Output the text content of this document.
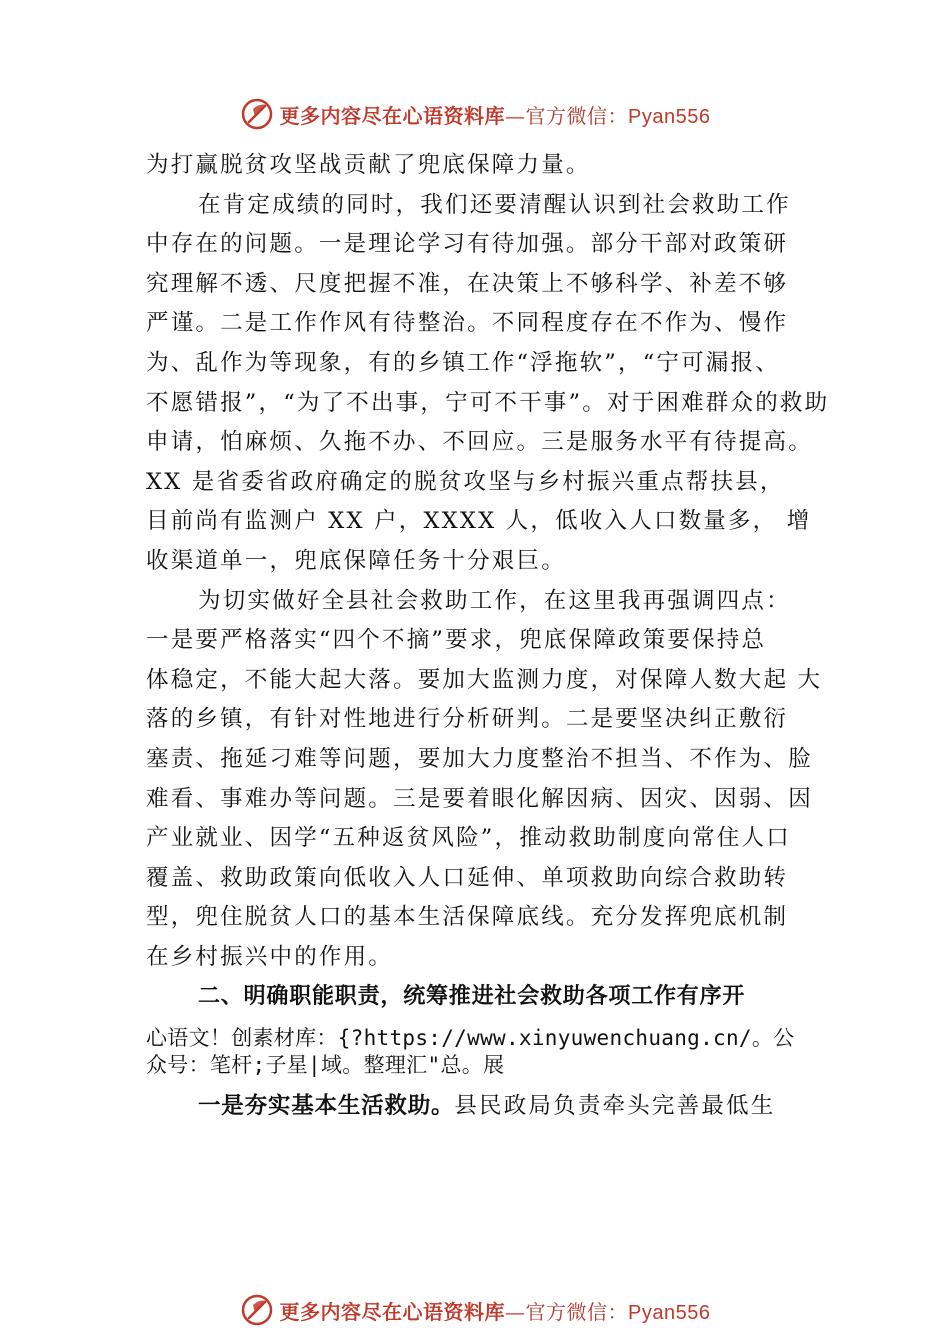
更多内容尽在心语资料库—官方微信：Pyan556
为打赢脱贫攻坚战贡献了兜底保障力量。
在肯定成绩的同时，我们还要清醒认识到社会救助工作
中存在的问题。一是理论学习有待加强。部分干部对政策研
究理解不透、尺度把握不准，在决策上不够科学、补差不够
严谨。二是工作作风有待整治。不同程度存在不作为、慢作
为、乱作为等现象，有的乡镇工作“浮拖软”，“宁可漏报、
不愿错报”，“为了不出事，宁可不干事”。对于困难群众的救助
申请，怕麻烦、久拖不办、不回应。三是服务水平有待提高。
XX 是省委省政府确定的脱贫攻坚与乡村振兴重点帮扶县，
目前尚有监测户 XX 户，XXXX 人，低收入人口数量多， 增
收渠道单一，兜底保障任务十分艰巨。
为切实做好全县社会救助工作，在这里我再强调四点：
一是要严格落实“四个不摘”要求，兜底保障政策要保持总
体稳定，不能大起大落。要加大监测力度，对保障人数大起 大
落的乡镇，有针对性地进行分析研判。二是要坚决纠正敷衍
塞责、拖延刁难等问题，要加大力度整治不担当、不作为、脸
难看、事难办等问题。三是要着眼化解因病、因灾、因弱、因
产业就业、因学“五种返贫风险”，推动救助制度向常住人口
覆盖、救助政策向低收入人口延伸、单项救助向综合救助转
型，兜住脱贫人口的基本生活保障底线。充分发挥兜底机制
在乡村振兴中的作用。
二、明确职能职责，统筹推进社会救助各项工作有序开
心语文！创素材库：{?https://www.xinyuwenchuang.cn/。公
众号：笔杆;子星|域。整理汇"总。展
一是夯实基本生活救助。县民政局负责牵头完善最低生
更多内容尽在心语资料库—官方微信：Pyan556
